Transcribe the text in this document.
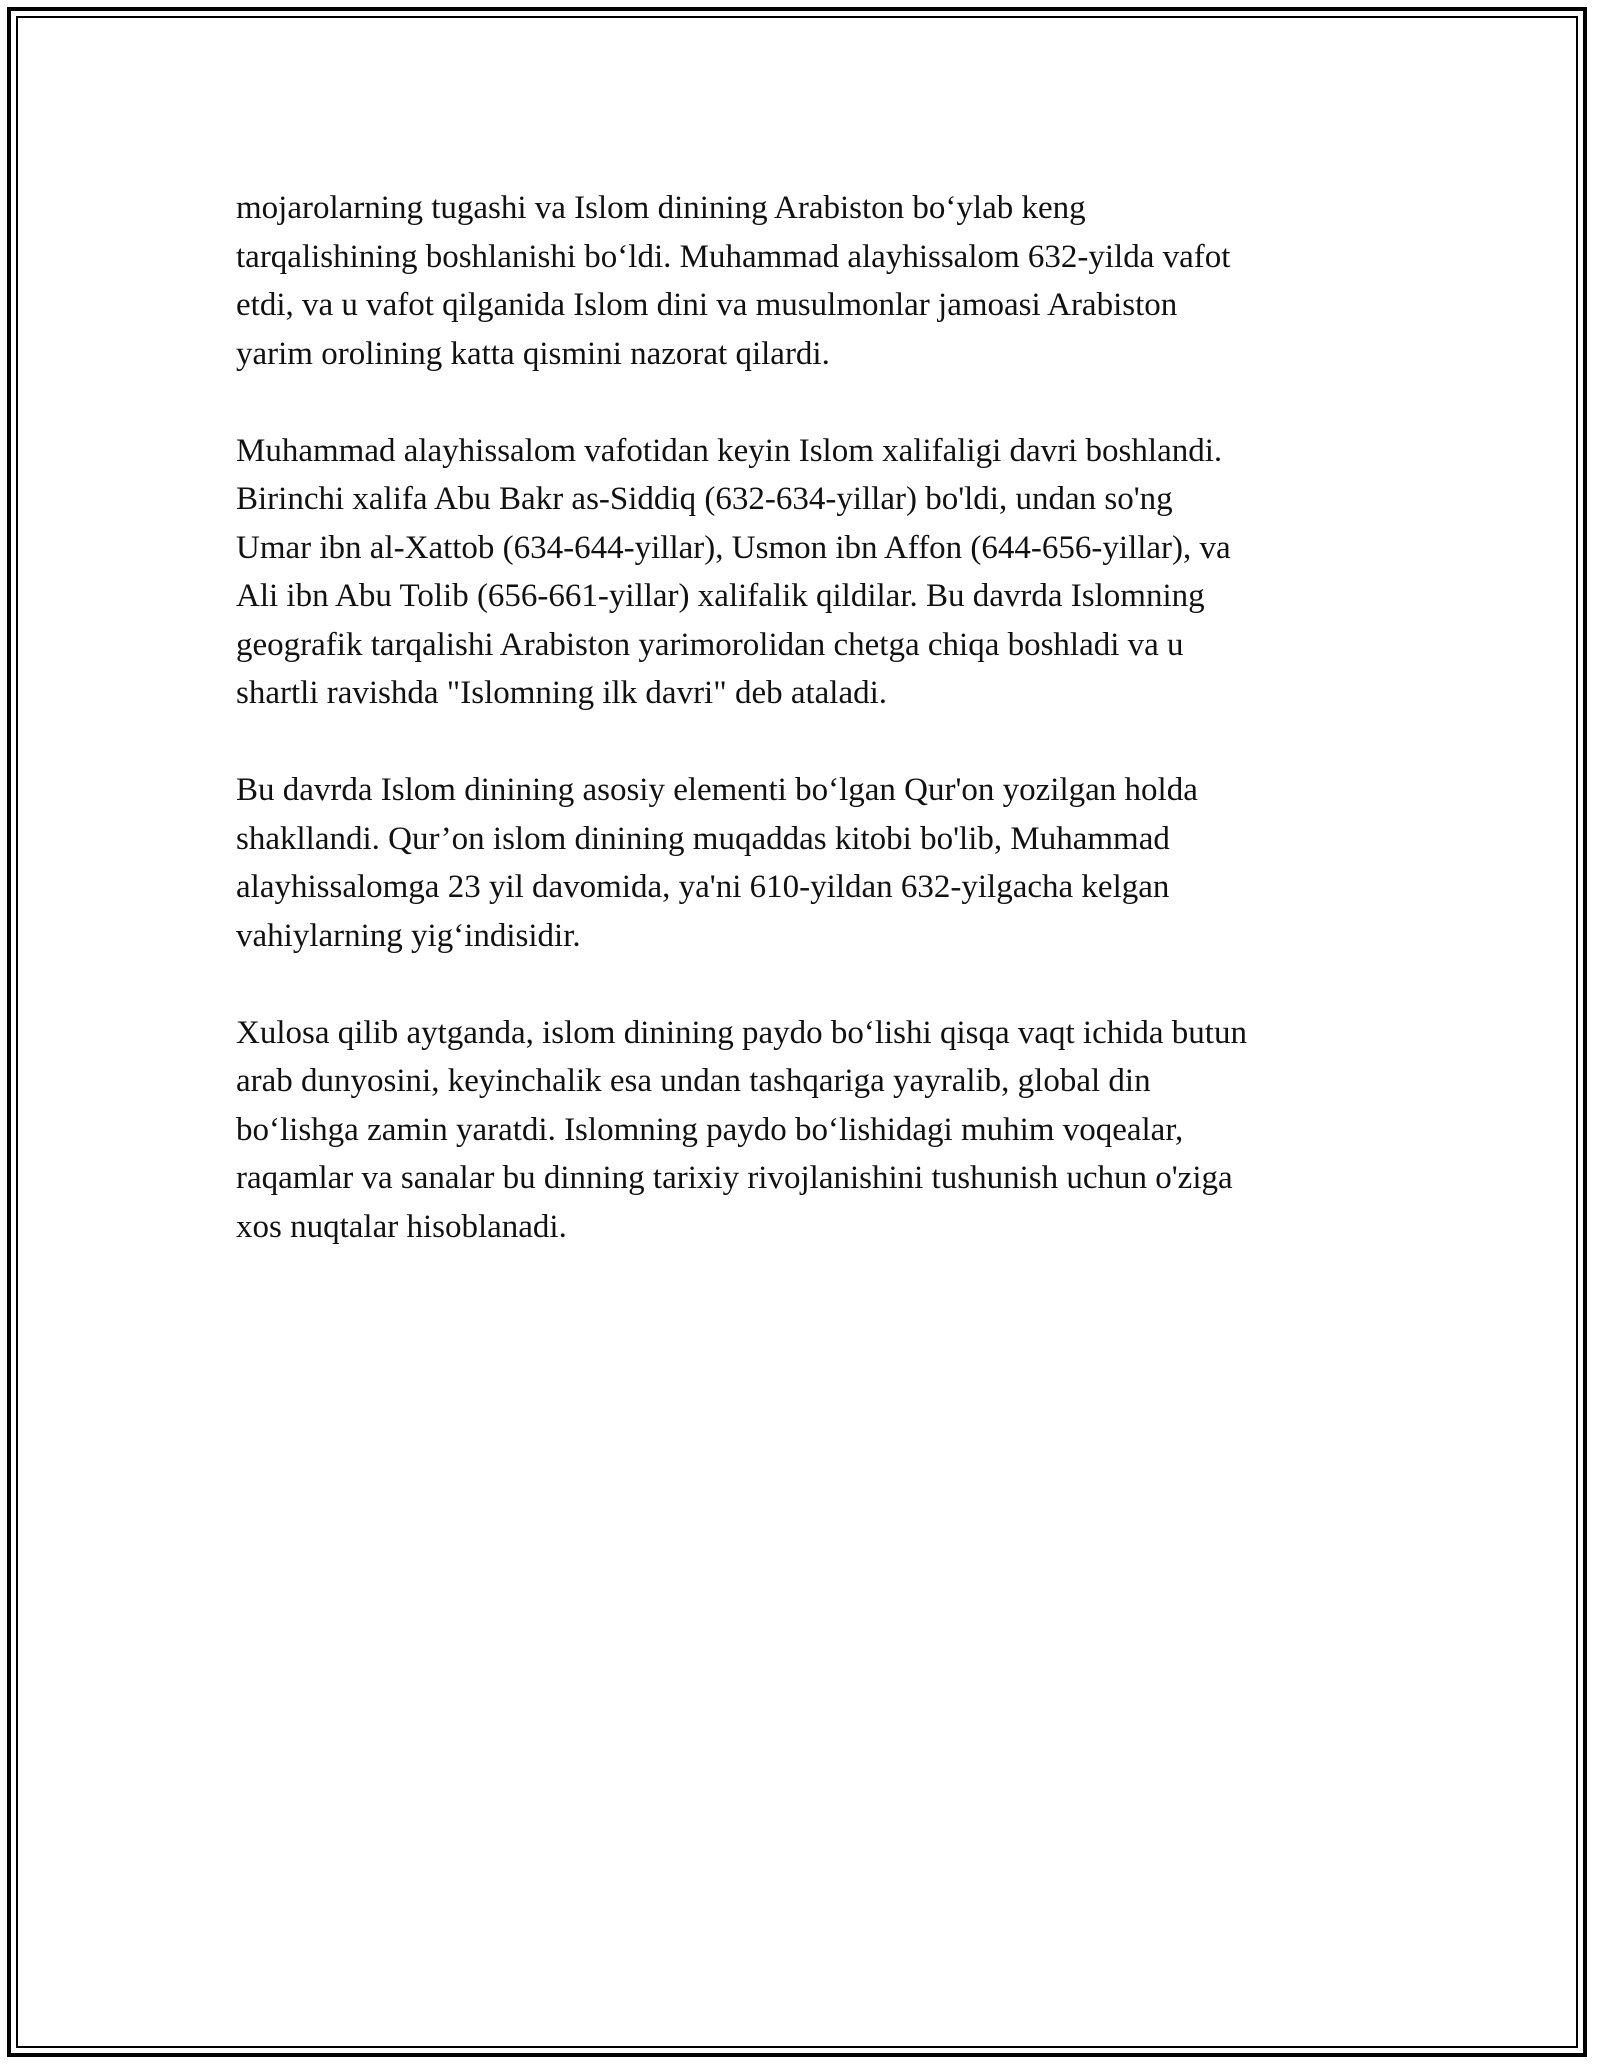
mojarolarning tugashi va Islom dinining Arabiston bo‘ylab keng
tarqalishining boshlanishi bo‘ldi. Muhammad alayhissalom 632-yilda vafot
etdi, va u vafot qilganida Islom dini va musulmonlar jamoasi Arabiston
yarim orolining katta qismini nazorat qilardi.

Muhammad alayhissalom vafotidan keyin Islom xalifaligi davri boshlandi.
Birinchi xalifa Abu Bakr as-Siddiq (632-634-yillar) bo'ldi, undan so'ng
Umar ibn al-Xattob (634-644-yillar), Usmon ibn Affon (644-656-yillar), va
Ali ibn Abu Tolib (656-661-yillar) xalifalik qildilar. Bu davrda Islomning
geografik tarqalishi Arabiston yarimorolidan chetga chiqa boshladi va u
shartli ravishda "Islomning ilk davri" deb ataladi.

Bu davrda Islom dinining asosiy elementi bo‘lgan Qur'on yozilgan holda
shakllandi. Qur’on islom dinining muqaddas kitobi bo'lib, Muhammad
alayhissalomga 23 yil davomida, ya'ni 610-yildan 632-yilgacha kelgan
vahiylarning yig‘indisidir.

Xulosa qilib aytganda, islom dinining paydo bo‘lishi qisqa vaqt ichida butun
arab dunyosini, keyinchalik esa undan tashqariga yayralib, global din
bo‘lishga zamin yaratdi. Islomning paydo bo‘lishidagi muhim voqealar,
raqamlar va sanalar bu dinning tarixiy rivojlanishini tushunish uchun o'ziga
xos nuqtalar hisoblanadi.
